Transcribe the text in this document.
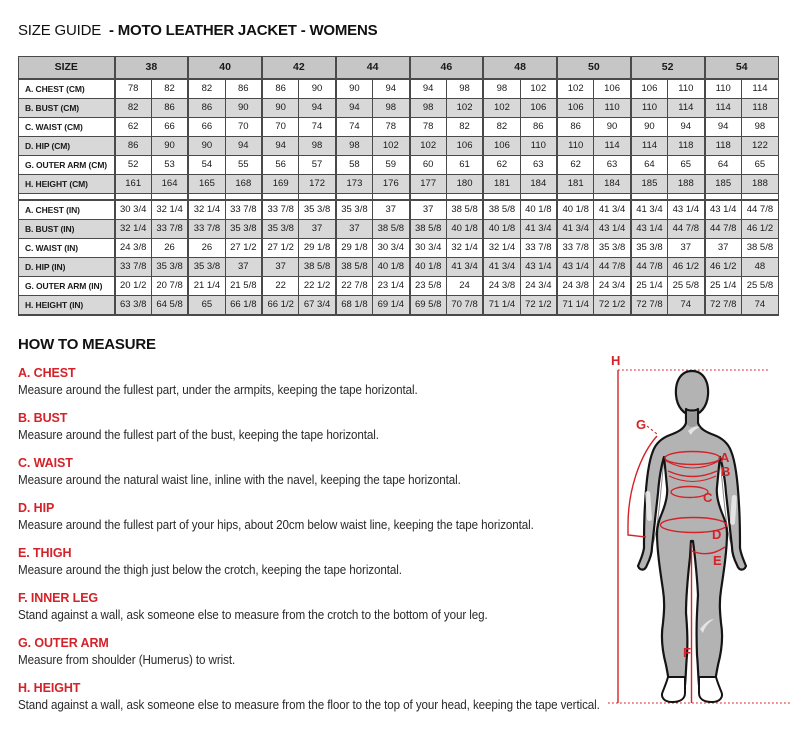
SIZE GUIDE - MOTO LEATHER JACKET - WOMENS
SIZE	38		40		42		44		46		48		50		52		54	
A. CHEST (CM)	78	82	82	86	86	90	90	94	94	98	98	102	102	106	106	110	110	114
B. BUST (CM)	82	86	86	90	90	94	94	98	98	102	102	106	106	110	110	114	114	118
C. WAIST (CM)	62	66	66	70	70	74	74	78	78	82	82	86	86	90	90	94	94	98
D. HIP (CM)	86	90	90	94	94	98	98	102	102	106	106	110	110	114	114	118	118	122
G. OUTER ARM (CM)	52	53	54	55	56	57	58	59	60	61	62	63	62	63	64	65	64	65
H. HEIGHT (CM)	161	164	165	168	169	172	173	176	177	180	181	184	181	184	185	188	185	188

A. CHEST (IN)	30 3/4	32 1/4	32 1/4	33 7/8	33 7/8	35 3/8	35 3/8	37	37	38 5/8	38 5/8	40 1/8	40 1/8	41 3/4	41 3/4	43 1/4	43 1/4	44 7/8
B. BUST (IN)	32 1/4	33 7/8	33 7/8	35 3/8	35 3/8	37	37	38 5/8	38 5/8	40 1/8	40 1/8	41 3/4	41 3/4	43 1/4	43 1/4	44 7/8	44 7/8	46 1/2
C. WAIST (IN)	24 3/8	26	26	27 1/2	27 1/2	29 1/8	29 1/8	30 3/4	30 3/4	32 1/4	32 1/4	33 7/8	33 7/8	35 3/8	35 3/8	37	37	38 5/8
D. HIP (IN)	33 7/8	35 3/8	35 3/8	37	37	38 5/8	38 5/8	40 1/8	40 1/8	41 3/4	41 3/4	43 1/4	43 1/4	44 7/8	44 7/8	46 1/2	46 1/2	48
G. OUTER ARM (IN)	20 1/2	20 7/8	21 1/4	21 5/8	22	22 1/2	22 7/8	23 1/4	23 5/8	24	24 3/8	24 3/4	24 3/8	24 3/4	25 1/4	25 5/8	25 1/4	25 5/8
H. HEIGHT (IN)	63 3/8	64 5/8	65	66 1/8	66 1/2	67 3/4	68 1/8	69 1/4	69 5/8	70 7/8	71 1/4	72 1/2	71 1/4	72 1/2	72 7/8	74	72 7/8	74
HOW TO MEASURE
A. CHEST

Measure around the fullest part, under the armpits, keeping the tape horizontal.

B. BUST

Measure around the fullest part of the bust, keeping the tape horizontal.

C. WAIST

Measure around the natural waist line, inline with the navel, keeping the tape horizontal.

D. HIP

Measure around the fullest part of your hips, about 20cm below waist line, keeping the tape horizontal.

E. THIGH

Measure around the thigh just below the crotch, keeping the tape horizontal.

F. INNER LEG

Stand against a wall, ask someone else to measure from the crotch to the bottom of your leg.

G. OUTER ARM

Measure from shoulder (Humerus) to wrist.

H. HEIGHT

Stand against a wall, ask someone else to measure from the floor to the top of your head, keeping the tape vertical.

H
G
A
B
C
D
E
F
